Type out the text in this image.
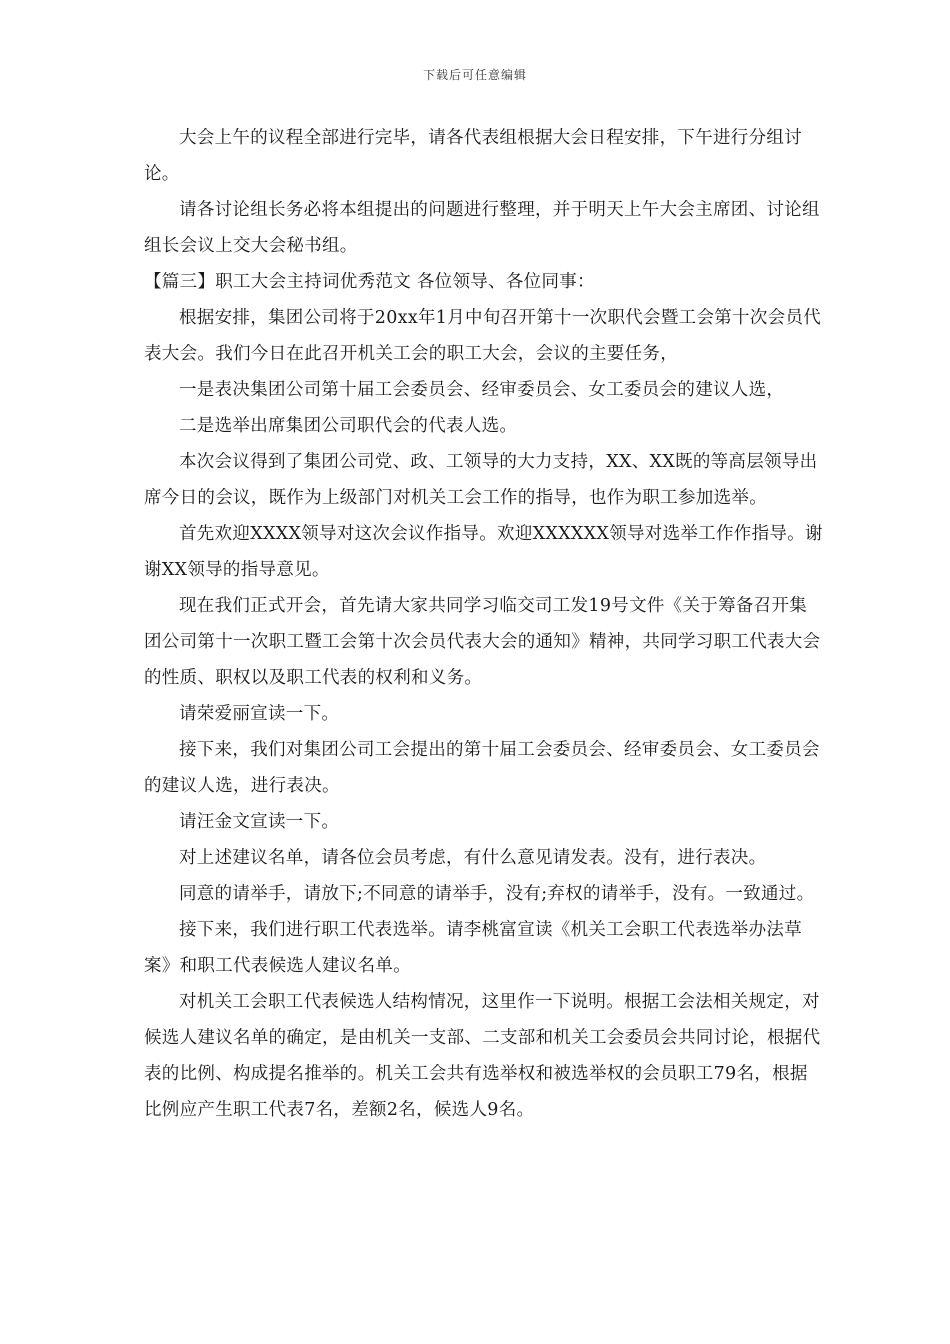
下载后可任意编辑

大会上午的议程全部进行完毕，请各代表组根据大会日程安排，下午进行分组讨论。

请各讨论组长务必将本组提出的问题进行整理，并于明天上午大会主席团、讨论组组长会议上交大会秘书组。

【篇三】职工大会主持词优秀范文 各位领导、各位同事：

根据安排，集团公司将于20xx年1月中旬召开第十一次职代会暨工会第十次会员代表大会。我们今日在此召开机关工会的职工大会，会议的主要任务，

一是表决集团公司第十届工会委员会、经审委员会、女工委员会的建议人选，

二是选举出席集团公司职代会的代表人选。

本次会议得到了集团公司党、政、工领导的大力支持，XX、XX既的等高层领导出席今日的会议，既作为上级部门对机关工会工作的指导，也作为职工参加选举。

首先欢迎XXXX领导对这次会议作指导。欢迎XXXXXX领导对选举工作作指导。谢谢XX领导的指导意见。

现在我们正式开会，首先请大家共同学习临交司工发19号文件《关于筹备召开集团公司第十一次职工暨工会第十次会员代表大会的通知》精神，共同学习职工代表大会的性质、职权以及职工代表的权利和义务。

请荣爱丽宣读一下。

接下来，我们对集团公司工会提出的第十届工会委员会、经审委员会、女工委员会的建议人选，进行表决。

请汪金文宣读一下。

对上述建议名单，请各位会员考虑，有什么意见请发表。没有，进行表决。

同意的请举手，请放下;不同意的请举手，没有;弃权的请举手，没有。一致通过。

接下来，我们进行职工代表选举。请李桃富宣读《机关工会职工代表选举办法草案》和职工代表候选人建议名单。

对机关工会职工代表候选人结构情况，这里作一下说明。根据工会法相关规定，对候选人建议名单的确定，是由机关一支部、二支部和机关工会委员会共同讨论，根据代表的比例、构成提名推举的。机关工会共有选举权和被选举权的会员职工79名，根据比例应产生职工代表7名，差额2名，候选人9名。
